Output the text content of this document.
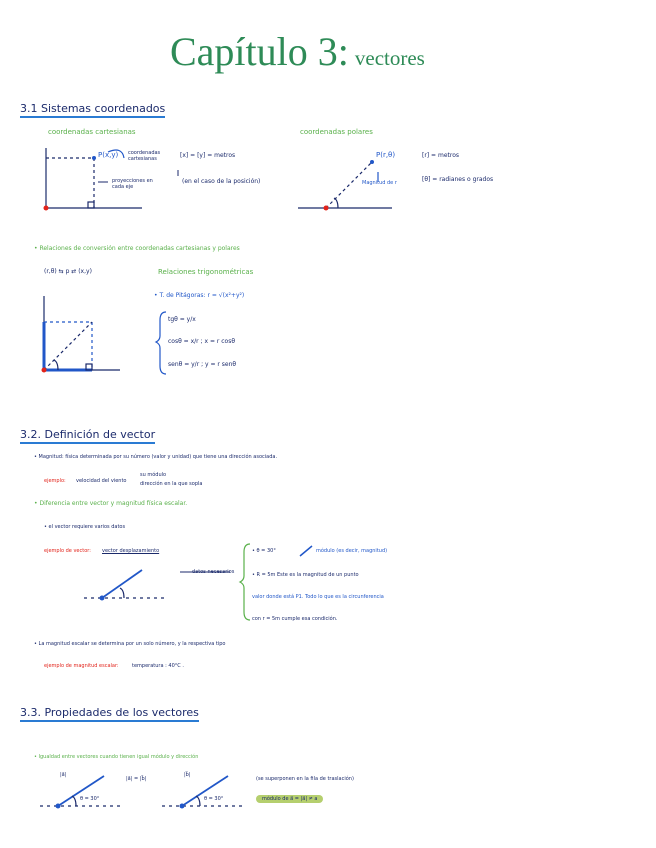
Capítulo 3: vectores
3.1 Sistemas coordenados
coordenadas cartesianas	coordenadas polares
P(x,y) coordenadas cartesianas
proyecciones en cada eje
[x] = [y] = metros
(en el caso de la posición)
P(r,θ)
Magnitud de r
[r] = metros
[θ] = radianes o grados
• Relaciones de conversión entre coordenadas cartesianas y polares
(r,θ) ⇆ p ⇄ (x,y)	Relaciones trigonométricas
• T. de Pitágoras: r = √(x²+y²)
tgθ = y/x
cosθ = x/r ; x = r cosθ
senθ = y/r ; y = r senθ
3.2. Definición de vector
• Magnitud: física determinada por su número (valor y unidad) que tiene una dirección asociada.
ejemplo: velocidad del viento
su módulo
dirección en la que sopla
• Diferencia entre vector y magnitud física escalar.
• el vector requiere varios datos
ejemplo de vector: vector desplazamiento
datos necesarios
• θ = 30°	módulo (es decir, magnitud)
• R = 5m Este es la magnitud de un punto
valor donde está P1. Todo lo que es la circunferencia
con r = 5m cumple esa condición.
• La magnitud escalar se determina por un solo número, y la respectiva tipo
ejemplo de magnitud escalar:	temperatura : 40°C .
3.3. Propiedades de los vectores
• Igualdad entre vectores cuando tienen igual módulo y dirección
|a⃗|
|a⃗| = |b⃗|
|b⃗|
(se superponen en la fila de traslación)
θ = 30°	θ = 30°	módulo de a⃗ = |a⃗| ≠ a
